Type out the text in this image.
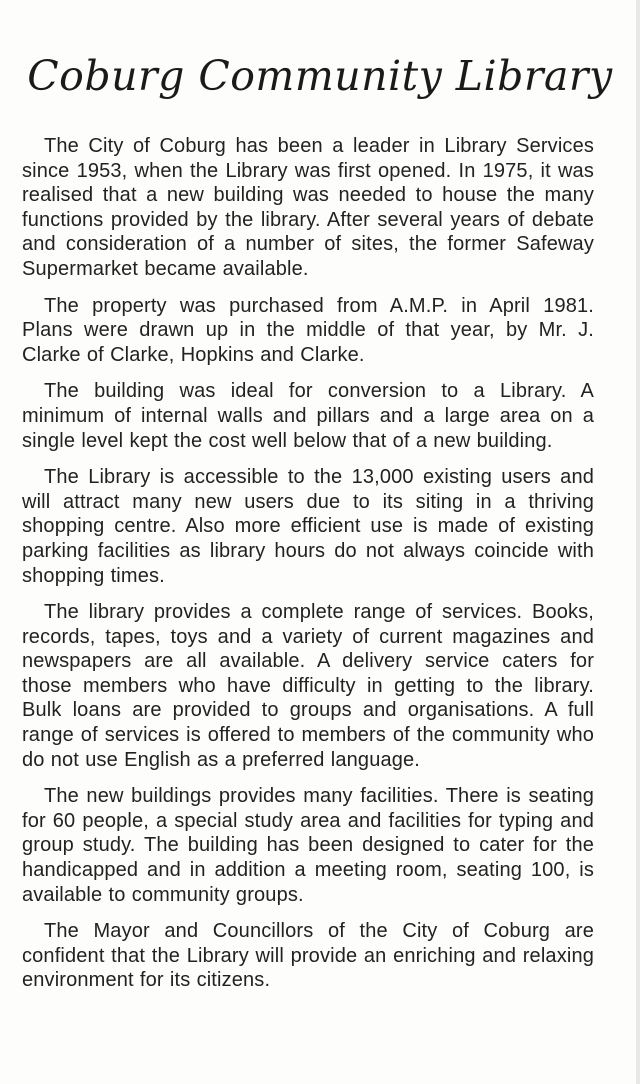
Coburg Community Library

The City of Coburg has been a leader in Library Services since 1953, when the Library was first opened. In 1975, it was realised that a new building was needed to house the many functions provided by the library. After several years of debate and consideration of a number of sites, the former Safeway Supermarket became available.

The property was purchased from A.M.P. in April 1981. Plans were drawn up in the middle of that year, by Mr. J. Clarke of Clarke, Hopkins and Clarke.

The building was ideal for conversion to a Library. A minimum of internal walls and pillars and a large area on a single level kept the cost well below that of a new building.

The Library is accessible to the 13,000 existing users and will attract many new users due to its siting in a thriving shopping centre. Also more efficient use is made of existing parking facilities as library hours do not always coincide with shopping times.

The library provides a complete range of services. Books, records, tapes, toys and a variety of current magazines and newspapers are all available. A delivery service caters for those members who have difficulty in getting to the library. Bulk loans are provided to groups and organisations. A full range of services is offered to members of the community who do not use English as a preferred language.

The new buildings provides many facilities. There is seating for 60 people, a special study area and facilities for typing and group study. The building has been designed to cater for the handicapped and in addition a meeting room, seating 100, is available to community groups.

The Mayor and Councillors of the City of Coburg are confident that the Library will provide an enriching and relaxing environment for its citizens.
